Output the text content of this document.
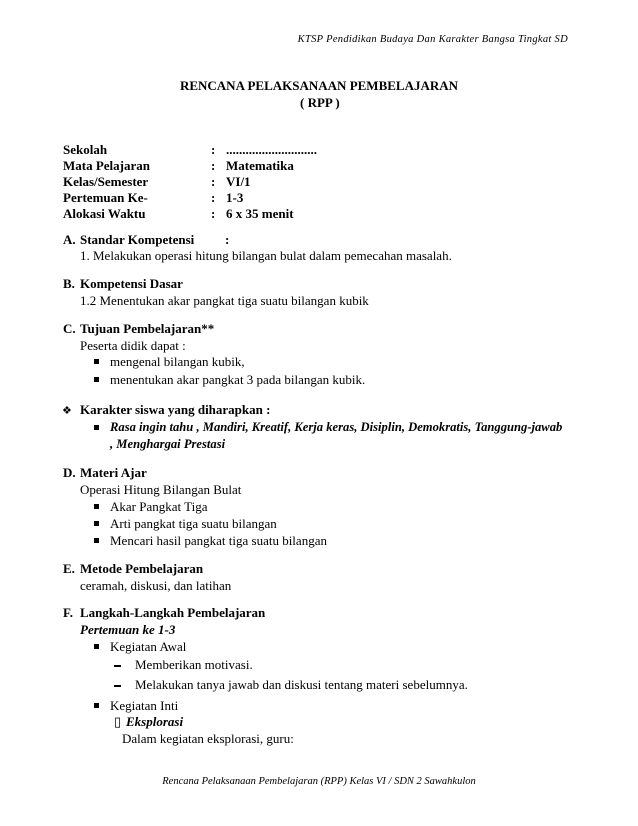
KTSP Pendidikan Budaya Dan Karakter Bangsa Tingkat SD
RENCANA PELAKSANAAN PEMBELAJARAN
( RPP )
Sekolah	: ............................
Mata Pelajaran	: Matematika
Kelas/Semester	: VI/1
Pertemuan Ke-	: 1-3
Alokasi Waktu	: 6 x 35 menit
A. Standar Kompetensi :
1. Melakukan operasi hitung bilangan bulat dalam pemecahan masalah.
B. Kompetensi Dasar
1.2 Menentukan akar pangkat tiga suatu bilangan kubik
C. Tujuan Pembelajaran**
Peserta didik dapat :
mengenal bilangan kubik,
menentukan akar pangkat 3 pada bilangan kubik.
❖ Karakter siswa yang diharapkan :
Rasa ingin tahu , Mandiri, Kreatif, Kerja keras, Disiplin, Demokratis, Tanggung-jawab
, Menghargai Prestasi
D. Materi Ajar
Operasi Hitung Bilangan Bulat
Akar Pangkat Tiga
Arti pangkat tiga suatu bilangan
Mencari hasil pangkat tiga suatu bilangan
E. Metode Pembelajaran
ceramah, diskusi, dan latihan
F. Langkah-Langkah Pembelajaran
Pertemuan ke 1-3
Kegiatan Awal
Memberikan motivasi.
Melakukan tanya jawab dan diskusi tentang materi sebelumnya.
Kegiatan Inti
▯ Eksplorasi
Dalam kegiatan eksplorasi, guru:
Rencana Pelaksanaan Pembelajaran (RPP) Kelas VI / SDN 2 Sawahkulon
